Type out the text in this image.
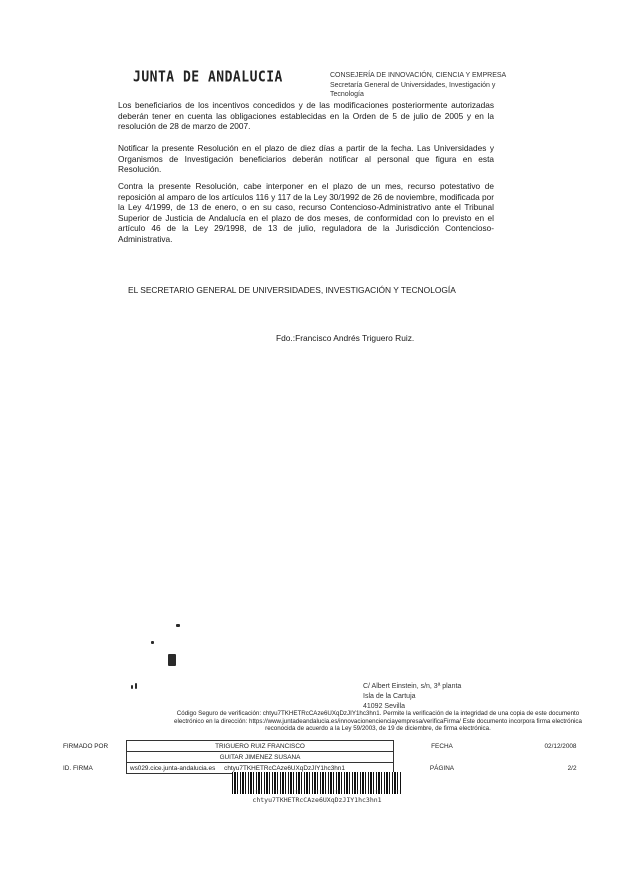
JUNTA DE ANDALUCIA	CONSEJERÍA DE INNOVACIÓN, CIENCIA Y EMPRESA
Secretaría General de Universidades, Investigación y
Tecnología
Los beneficiarios de los incentivos concedidos y de las modificaciones posteriormente autorizadas deberán tener en cuenta las obligaciones establecidas en la Orden de 5 de julio de 2005 y en la resolución de 28 de marzo de 2007.
Notificar la presente Resolución en el plazo de diez días a partir de la fecha. Las Universidades y Organismos de Investigación beneficiarios deberán notificar al personal que figura en esta Resolución.
Contra la presente Resolución, cabe interponer en el plazo de un mes, recurso potestativo de reposición al amparo de los artículos 116 y 117 de la Ley 30/1992 de 26 de noviembre, modificada por la Ley 4/1999, de 13 de enero, o en su caso, recurso Contencioso-Administrativo ante el Tribunal Superior de Justicia de Andalucía en el plazo de dos meses, de conformidad con lo previsto en el artículo 46 de la Ley 29/1998, de 13 de julio, reguladora de la Jurisdicción Contencioso-Administrativa.
EL SECRETARIO GENERAL DE UNIVERSIDADES, INVESTIGACIÓN Y TECNOLOGÍA
Fdo.:Francisco Andrés Triguero Ruiz.
C/ Albert Einstein, s/n, 3ª planta
Isla de la Cartuja
41092 Sevilla
Código Seguro de verificación: chtyu7TKHETRcCAze6UXqDzJIY1hc3hn1. Permite la verificación de la integridad de una copia de este documento electrónico en la dirección: https://www.juntadeandalucia.es/innovacionencienciayempresa/verificaFirma/ Este documento incorpora firma electrónica reconocida de acuerdo a la Ley 59/2003, de 19 de diciembre, de firma electrónica.
FIRMADO POR	TRIGUERO RUIZ FRANCISCO	FECHA	02/12/2008
	GUITAR JIMENEZ SUSANA		
ID. FIRMA	ws029.cice.junta-andalucia.es chtyu7TKHETRcCAze6UXqDzJIY1hc3hn1	PÁGINA	2/2
chtyu7TKHETRcCAze6UXqDzJIY1hc3hn1
